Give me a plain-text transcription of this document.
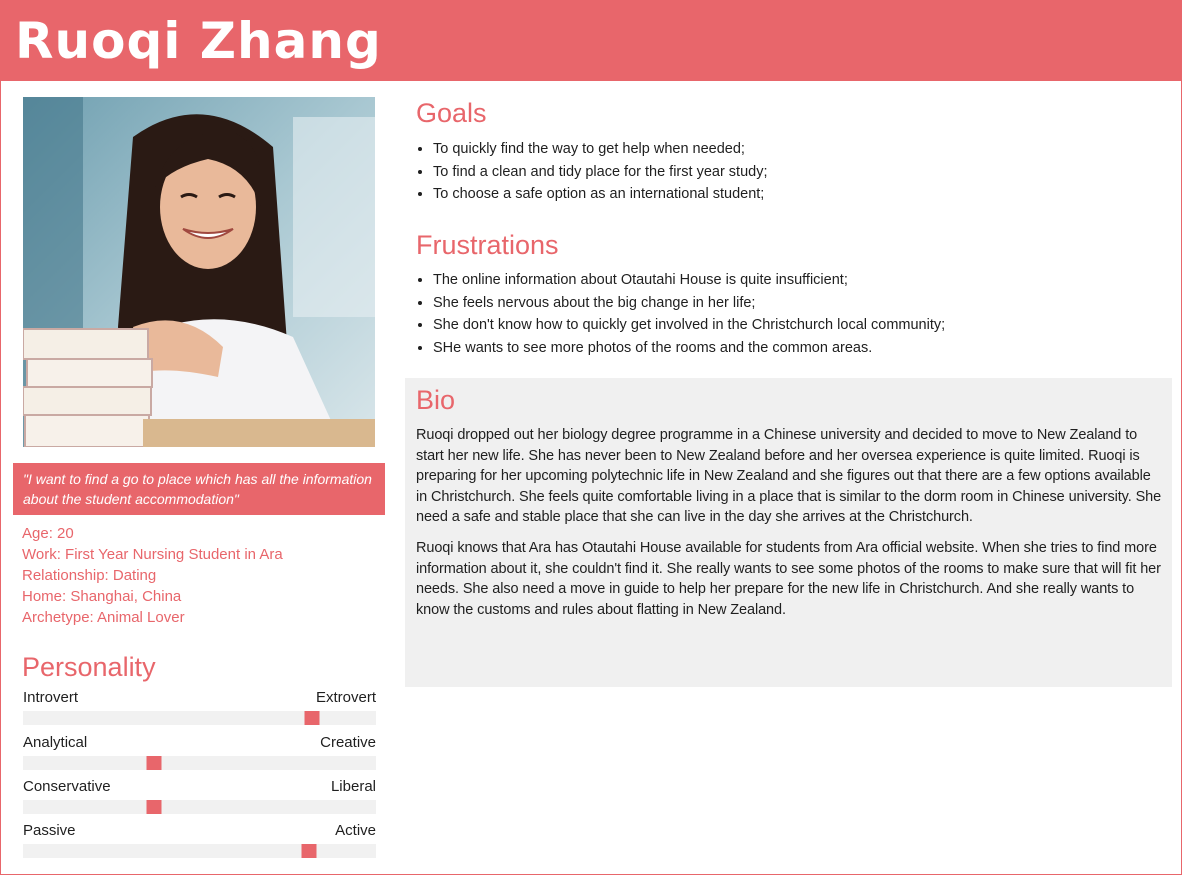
Ruoqi Zhang
"I want to find a go to place which has all the information about the student accommodation"
Age: 20
Work: First Year Nursing Student in Ara
Relationship: Dating
Home: Shanghai, China
Archetype: Animal Lover
Personality
Introvert	Extrovert
Analytical	Creative
Conservative	Liberal
Passive	Active
Goals
• To quickly find the way to get help when needed;
• To find a clean and tidy place for the first year study;
• To choose a safe option as an international student;
Frustrations
• The online information about Otautahi House is quite insufficient;
• She feels nervous about the big change in her life;
• She don't know how to quickly get involved in the Christchurch local community;
• SHe wants to see more photos of the rooms and the common areas.
Bio

Ruoqi dropped out her biology degree programme in a Chinese university and decided to move to New Zealand to start her new life. She has never been to New Zealand before and her oversea experience is quite limited. Ruoqi is preparing for her upcoming polytechnic life in New Zealand and she figures out that there are a few options available in Christchurch. She feels quite comfortable living in a place that is similar to the dorm room in Chinese university. She need a safe and stable place that she can live in the day she arrives at the Christchurch.

Ruoqi knows that Ara has Otautahi House available for students from Ara official website. When she tries to find more information about it, she couldn't find it. She really wants to see some photos of the rooms to make sure that will fit her needs. She also need a move in guide to help her prepare for the new life in Christchurch. And she really wants to know the customs and rules about flatting in New Zealand.
